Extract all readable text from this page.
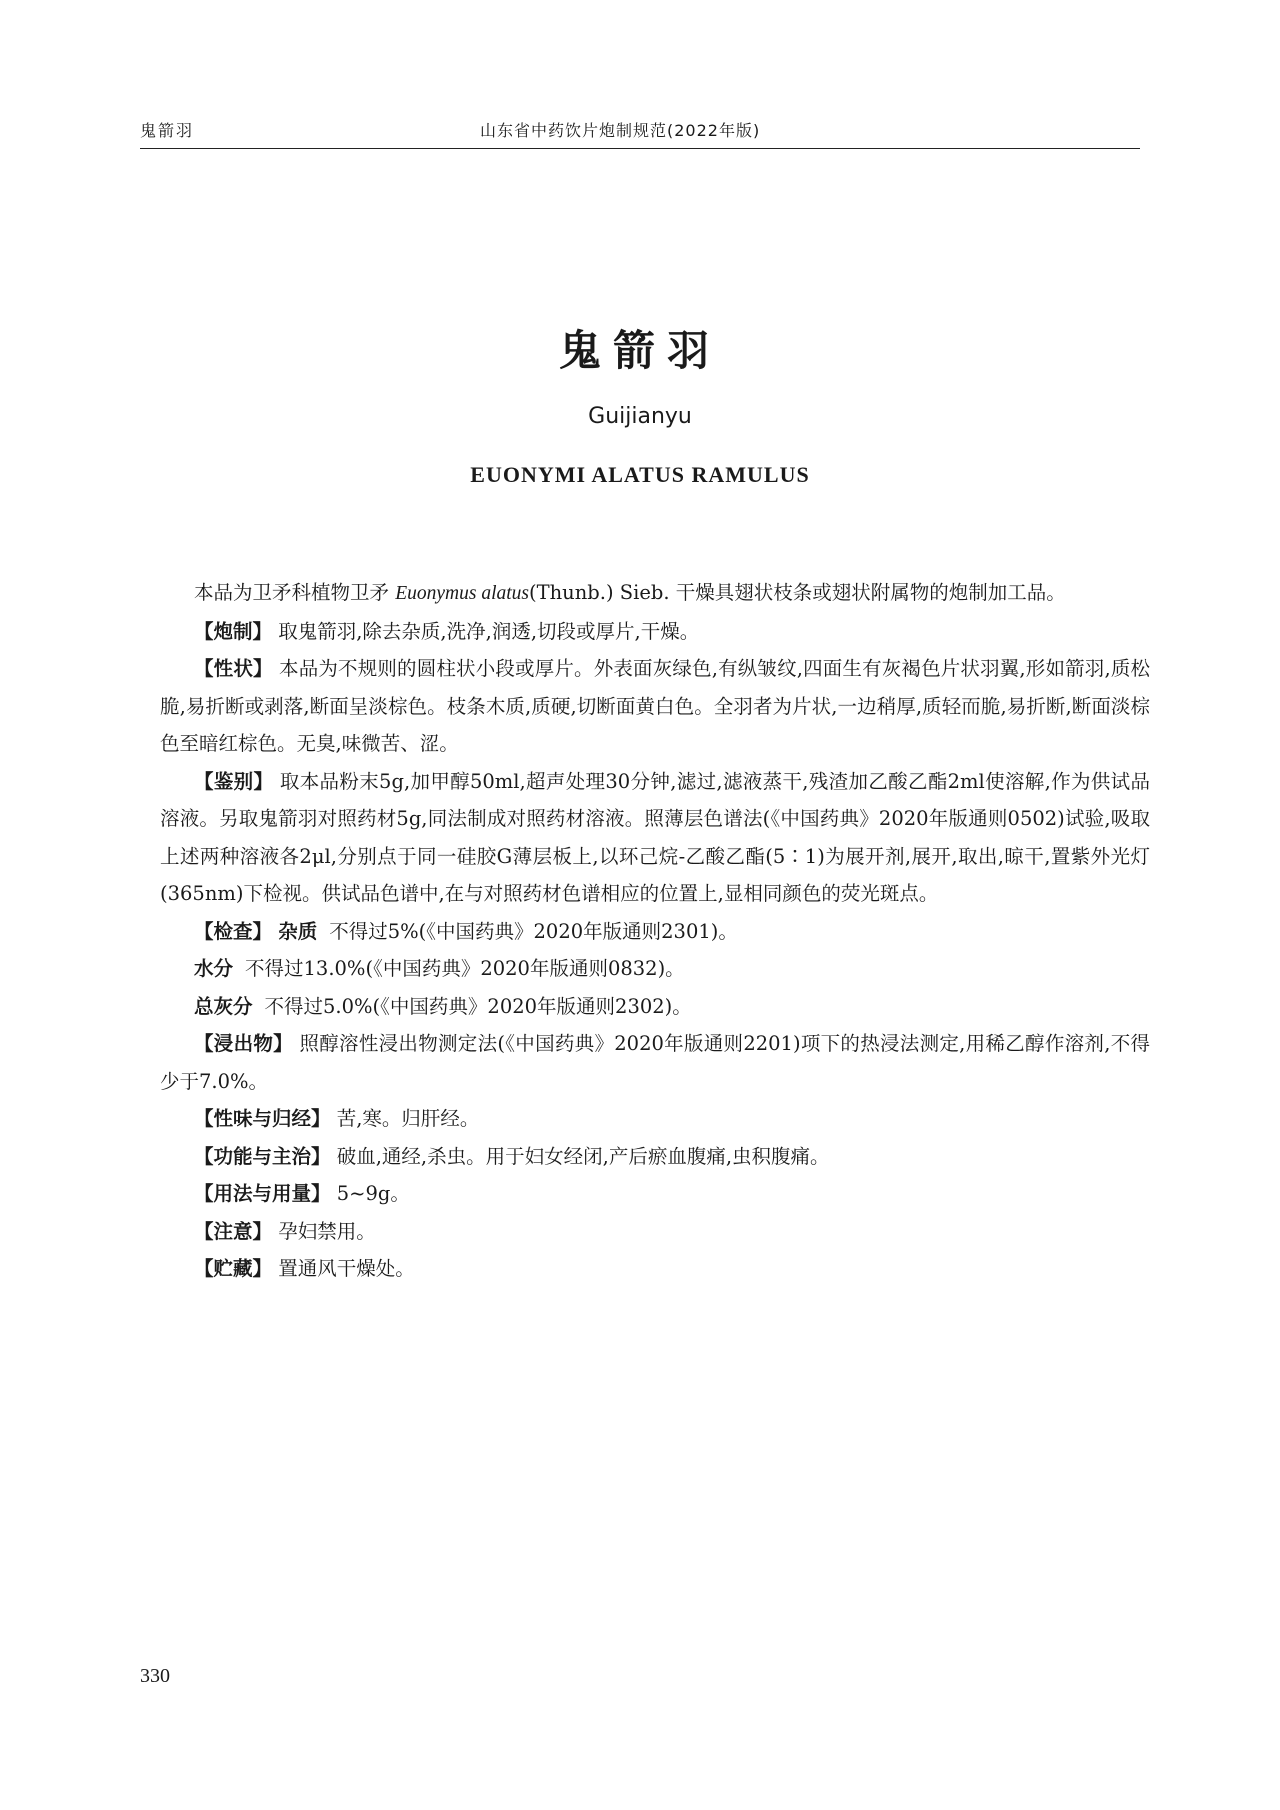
鬼箭羽	山东省中药饮片炮制规范(2022年版)
鬼箭羽
Guijianyu
EUONYMI ALATUS RAMULUS

本品为卫矛科植物卫矛 Euonymus alatus(Thunb.) Sieb. 干燥具翅状枝条或翅状附属物的炮制加工品。

【炮制】 取鬼箭羽,除去杂质,洗净,润透,切段或厚片,干燥。

【性状】 本品为不规则的圆柱状小段或厚片。外表面灰绿色,有纵皱纹,四面生有灰褐色片状羽翼,形如箭羽,质松脆,易折断或剥落,断面呈淡棕色。枝条木质,质硬,切断面黄白色。全羽者为片状,一边稍厚,质轻而脆,易折断,断面淡棕色至暗红棕色。无臭,味微苦、涩。

【鉴别】 取本品粉末5g,加甲醇50ml,超声处理30分钟,滤过,滤液蒸干,残渣加乙酸乙酯2ml使溶解,作为供试品溶液。另取鬼箭羽对照药材5g,同法制成对照药材溶液。照薄层色谱法(《中国药典》2020年版通则0502)试验,吸取上述两种溶液各2μl,分别点于同一硅胶G薄层板上,以环己烷-乙酸乙酯(5∶1)为展开剂,展开,取出,晾干,置紫外光灯(365nm)下检视。供试品色谱中,在与对照药材色谱相应的位置上,显相同颜色的荧光斑点。

【检查】 杂质 不得过5%(《中国药典》2020年版通则2301)。

水分 不得过13.0%(《中国药典》2020年版通则0832)。

总灰分 不得过5.0%(《中国药典》2020年版通则2302)。

【浸出物】 照醇溶性浸出物测定法(《中国药典》2020年版通则2201)项下的热浸法测定,用稀乙醇作溶剂,不得少于7.0%。

【性味与归经】 苦,寒。归肝经。

【功能与主治】 破血,通经,杀虫。用于妇女经闭,产后瘀血腹痛,虫积腹痛。

【用法与用量】 5~9g。

【注意】 孕妇禁用。

【贮藏】 置通风干燥处。

330
